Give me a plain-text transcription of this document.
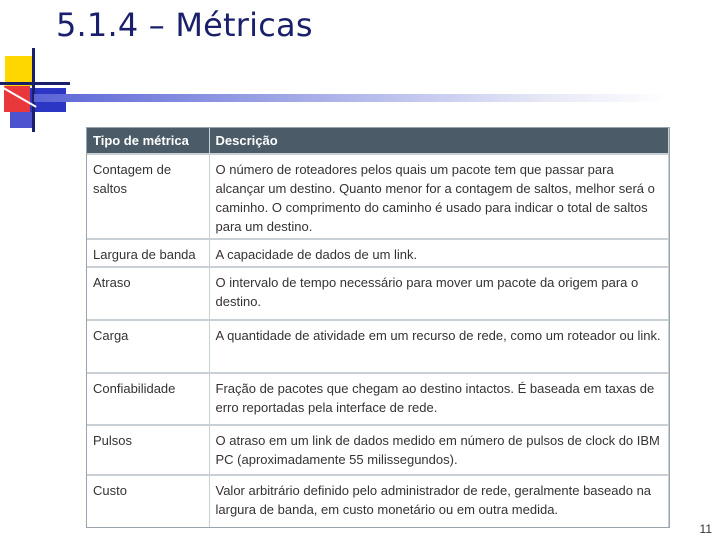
5.1.4 – Métricas
Tipo de métrica	Descrição
Contagem de saltos	O número de roteadores pelos quais um pacote tem que passar para alcançar um destino. Quanto menor for a contagem de saltos, melhor será o caminho. O comprimento do caminho é usado para indicar o total de saltos para um destino.
Largura de banda	A capacidade de dados de um link.
Atraso	O intervalo de tempo necessário para mover um pacote da origem para o destino.
Carga	A quantidade de atividade em um recurso de rede, como um roteador ou link.
Confiabilidade	Fração de pacotes que chegam ao destino intactos. É baseada em taxas de erro reportadas pela interface de rede.
Pulsos	O atraso em um link de dados medido em número de pulsos de clock do IBM PC (aproximadamente 55 milissegundos).
Custo	Valor arbitrário definido pelo administrador de rede, geralmente baseado na largura de banda, em custo monetário ou em outra medida.
11
